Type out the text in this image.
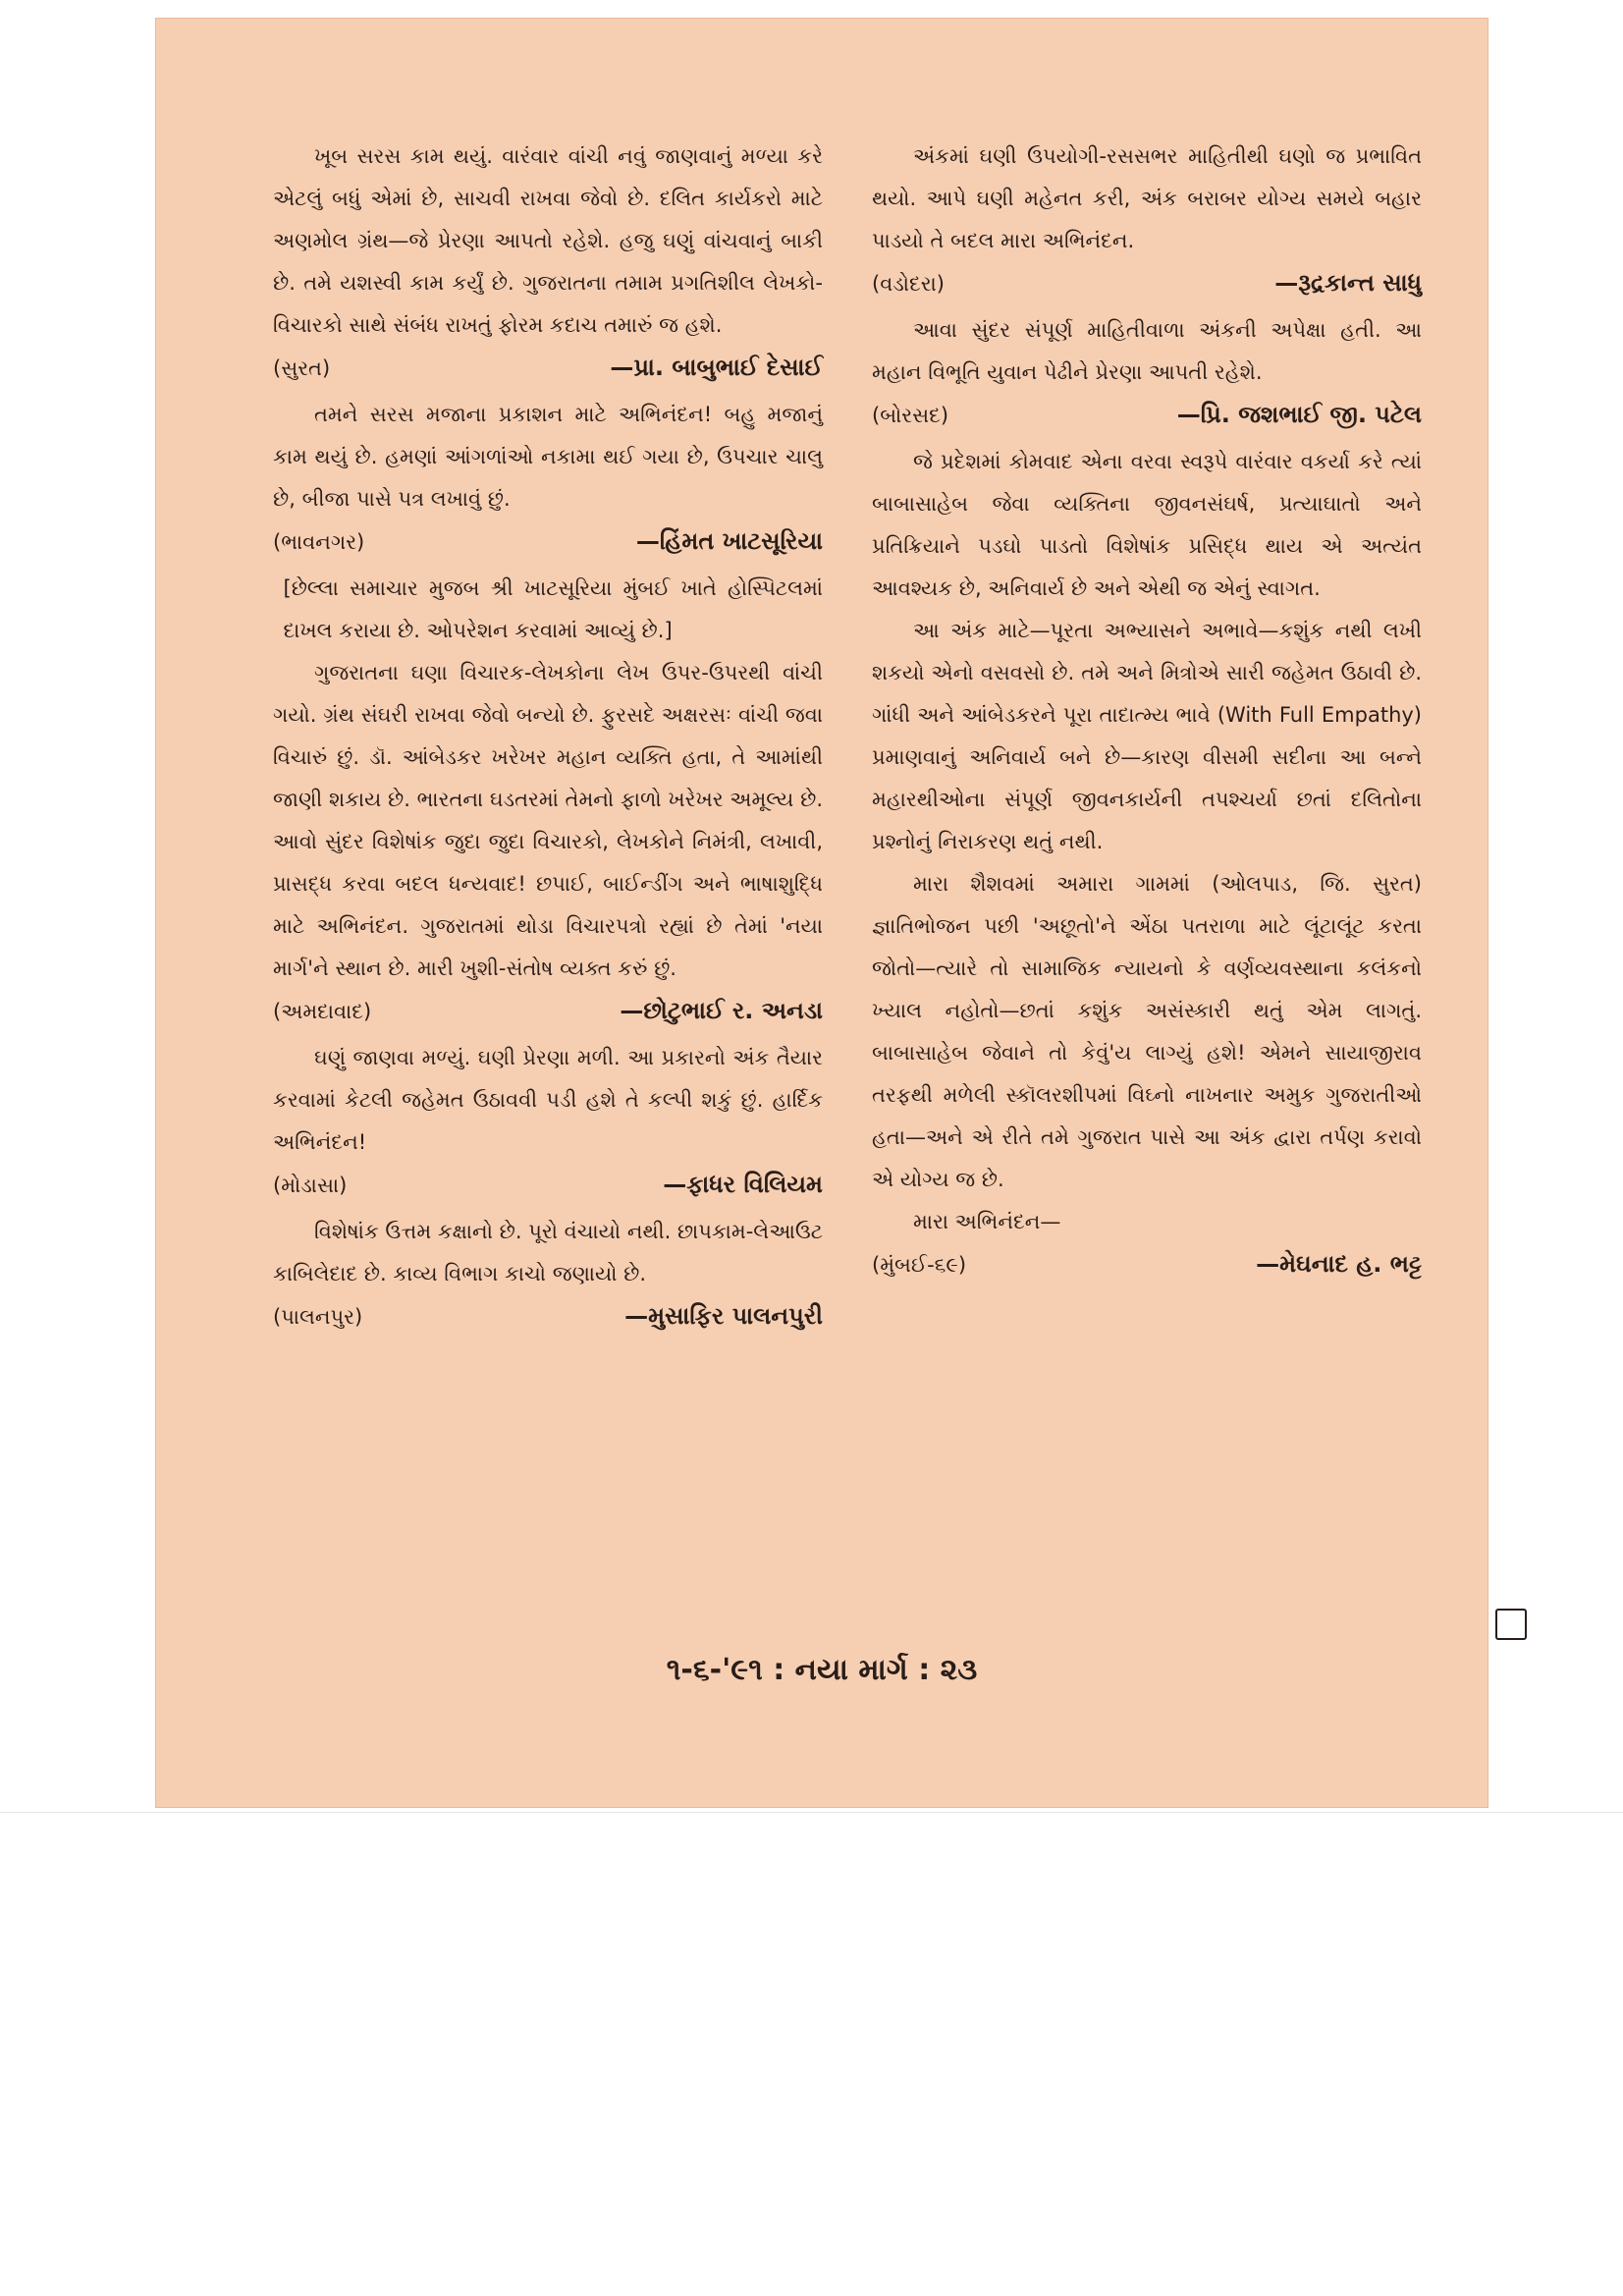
ખૂબ સરસ કામ થયું. વારંવાર વાંચી નવું જાણવાનું મળ્યા કરે એટલું બધું એમાં છે, સાચવી રાખવા જેવો છે. દલિત કાર્યકરો માટે અણમોલ ગ્રંથ—જે પ્રેરણા આપતો રહેશે. હજુ ઘણું વાંચવાનું બાકી છે. તમે યશસ્વી કામ કર્યું છે. ગુજરાતના તમામ પ્રગતિશીલ લેખકો-વિચારકો સાથે સંબંધ રાખતું ફોરમ કદાચ તમારું જ હશે.

(સુરત)	—પ્રા. બાબુભાઈ દેસાઈ

તમને સરસ મજાના પ્રકાશન માટે અભિનંદન! બહુ મજાનું કામ થયું છે. હમણાં આંગળાંઓ નકામા થઈ ગયા છે, ઉપચાર ચાલુ છે, બીજા પાસે પત્ર લખાવું છું.

(ભાવનગર)	—હિંમત ખાટસૂરિયા

[છેલ્લા સમાચાર મુજબ શ્રી ખાટસૂરિયા મુંબઈ ખાતે હોસ્પિટલમાં દાખલ કરાયા છે. ઓપરેશન કરવામાં આવ્યું છે.]

ગુજરાતના ઘણા વિચારક-લેખકોના લેખ ઉપર-ઉપરથી વાંચી ગયો. ગ્રંથ સંઘરી રાખવા જેવો બન્યો છે. ફુરસદે અક્ષરસઃ વાંચી જવા વિચારું છું. ડૉ. આંબેડકર ખરેખર મહાન વ્યક્તિ હતા, તે આમાંથી જાણી શકાય છે. ભારતના ઘડતરમાં તેમનો ફાળો ખરેખર અમૂલ્ય છે. આવો સુંદર વિશેષાંક જુદા જુદા વિચારકો, લેખકોને નિમંત્રી, લખાવી, પ્રાસદ્ધ કરવા બદલ ધન્યવાદ! છપાઈ, બાઈન્ડીંગ અને ભાષાશુદ્ધિ માટે અભિનંદન. ગુજરાતમાં થોડા વિચારપત્રો રહ્યાં છે તેમાં 'નયા માર્ગ'ને સ્થાન છે. મારી ખુશી-સંતોષ વ્યક્ત કરું છું.

(અમદાવાદ)	—છોટુભાઈ ર. અનડા

ઘણું જાણવા મળ્યું. ઘણી પ્રેરણા મળી. આ પ્રકારનો અંક તૈયાર કરવામાં કેટલી જહેમત ઉઠાવવી પડી હશે તે કલ્પી શકું છું. હાર્દિક અભિનંદન!

(મોડાસા)	—ફાધર વિલિયમ

વિશેષાંક ઉત્તમ કક્ષાનો છે. પૂરો વંચાયો નથી. છાપકામ-લેઆઉટ કાબિલેદાદ છે. કાવ્ય વિભાગ કાચો જણાયો છે.

(પાલનપુર)	—મુસાફિર પાલનપુરી

અંકમાં ઘણી ઉપયોગી-રસસભર માહિતીથી ઘણો જ પ્રભાવિત થયો. આપે ઘણી મહેનત કરી, અંક બરાબર યોગ્ય સમયે બહાર પાડયો તે બદલ મારા અભિનંદન.

(વડોદરા)	—રૂદ્રકાન્ત સાધુ

આવા સુંદર સંપૂર્ણ માહિતીવાળા અંકની અપેક્ષા હતી. આ મહાન વિભૂતિ યુવાન પેઢીને પ્રેરણા આપતી રહેશે.

(બોરસદ)	—પ્રિ. જશભાઈ જી. પટેલ

જે પ્રદેશમાં કોમવાદ એના વરવા સ્વરૂપે વારંવાર વકર્યા કરે ત્યાં બાબાસાહેબ જેવા વ્યક્તિના જીવનસંઘર્ષ, પ્રત્યાઘાતો અને પ્રતિક્રિયાને પડઘો પાડતો વિશેષાંક પ્રસિદ્ધ થાય એ અત્યંત આવશ્યક છે, અનિવાર્ય છે અને એથી જ એનું સ્વાગત.

આ અંક માટે—પૂરતા અભ્યાસને અભાવે—કશુંક નથી લખી શકયો એનો વસવસો છે. તમે અને મિત્રોએ સારી જહેમત ઉઠાવી છે. ગાંધી અને આંબેડકરને પૂરા તાદાત્મ્ય ભાવે (With Full Empathy) પ્રમાણવાનું અનિવાર્ય બને છે—કારણ વીસમી સદીના આ બન્ને મહારથીઓના સંપૂર્ણ જીવનકાર્યની તપશ્ચર્યા છતાં દલિતોના પ્રશ્નોનું નિરાકરણ થતું નથી.

મારા શૈશવમાં અમારા ગામમાં (ઓલપાડ, જિ. સુરત) જ્ઞાતિભોજન પછી 'અછૂતો'ને એંઠા પતરાળા માટે લૂંટાલૂંટ કરતા જોતો—ત્યારે તો સામાજિક ન્યાયનો કે વર્ણવ્યવસ્થાના કલંકનો ખ્યાલ નહોતો—છતાં કશુંક અસંસ્કારી થતું એમ લાગતું. બાબાસાહેબ જેવાને તો કેવું'ય લાગ્યું હશે! એમને સાયાજીરાવ તરફથી મળેલી સ્કૉલરશીપમાં વિઘ્નો નાખનાર અમુક ગુજરાતીઓ હતા—અને એ રીતે તમે ગુજરાત પાસે આ અંક દ્વારા તર્પણ કરાવો એ યોગ્ય જ છે.

મારા અભિનંદન—

(મુંબઈ-૬૯)	—મેઘનાદ હ. ભટ્ટ
૧-૬-'૯૧ : નયા માર્ગ : ૨૩
